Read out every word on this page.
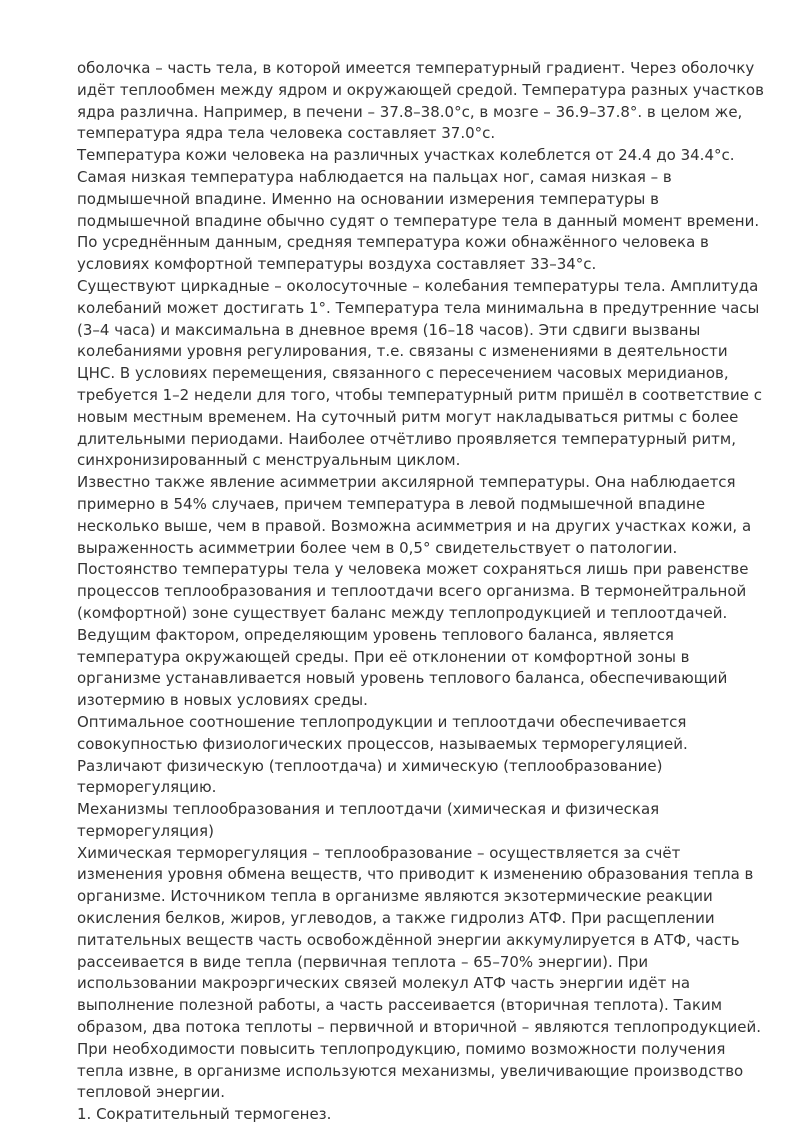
оболочка – часть тела, в которой имеется температурный градиент. Через оболочку идёт теплообмен между ядром и окружающей средой. Температура разных участков ядра различна. Например, в печени – 37.8–38.0°с, в мозге – 36.9–37.8°. в целом же, температура ядра тела человека составляет 37.0°с.

Температура кожи человека на различных участках колеблется от 24.4 до 34.4°с. Самая низкая температура наблюдается на пальцах ног, самая низкая – в подмышечной впадине. Именно на основании измерения температуры в подмышечной впадине обычно судят о температуре тела в данный момент времени. По усреднённым данным, средняя температура кожи обнажённого человека в условиях комфортной температуры воздуха составляет 33–34°с.

Существуют циркадные – околосуточные – колебания температуры тела. Амплитуда колебаний может достигать 1°. Температура тела минимальна в предутренние часы (3–4 часа) и максимальна в дневное время (16–18 часов). Эти сдвиги вызваны колебаниями уровня регулирования, т.е. связаны с изменениями в деятельности ЦНС. В условиях перемещения, связанного с пересечением часовых меридианов, требуется 1–2 недели для того, чтобы температурный ритм пришёл в соответствие с новым местным временем. На суточный ритм могут накладываться ритмы с более длительными периодами. Наиболее отчётливо проявляется температурный ритм, синхронизированный с менструальным циклом.

Известно также явление асимметрии аксилярной температуры. Она наблюдается примерно в 54% случаев, причем температура в левой подмышечной впадине несколько выше, чем в правой. Возможна асимметрия и на других участках кожи, а выраженность асимметрии более чем в 0,5° свидетельствует о патологии. Постоянство температуры тела у человека может сохраняться лишь при равенстве процессов теплообразования и теплоотдачи всего организма. В термонейтральной (комфортной) зоне существует баланс между теплопродукцией и теплоотдачей. Ведущим фактором, определяющим уровень теплового баланса, является температура окружающей среды. При её отклонении от комфортной зоны в организме устанавливается новый уровень теплового баланса, обеспечивающий изотермию в новых условиях среды.

Оптимальное соотношение теплопродукции и теплоотдачи обеспечивается совокупностью физиологических процессов, называемых терморегуляцией. Различают физическую (теплоотдача) и химическую (теплообразование) терморегуляцию.

Механизмы теплообразования и теплоотдачи (химическая и физическая терморегуляция)

Химическая терморегуляция – теплообразование – осуществляется за счёт изменения уровня обмена веществ, что приводит к изменению образования тепла в организме. Источником тепла в организме являются экзотермические реакции окисления белков, жиров, углеводов, а также гидролиз АТФ. При расщеплении питательных веществ часть освобождённой энергии аккумулируется в АТФ, часть рассеивается в виде тепла (первичная теплота – 65–70% энергии). При использовании макроэргических связей молекул АТФ часть энергии идёт на выполнение полезной работы, а часть рассеивается (вторичная теплота). Таким образом, два потока теплоты – первичной и вторичной – являются теплопродукцией.

При необходимости повысить теплопродукцию, помимо возможности получения тепла извне, в организме используются механизмы, увеличивающие производство тепловой энергии.

1. Сократительный термогенез.
